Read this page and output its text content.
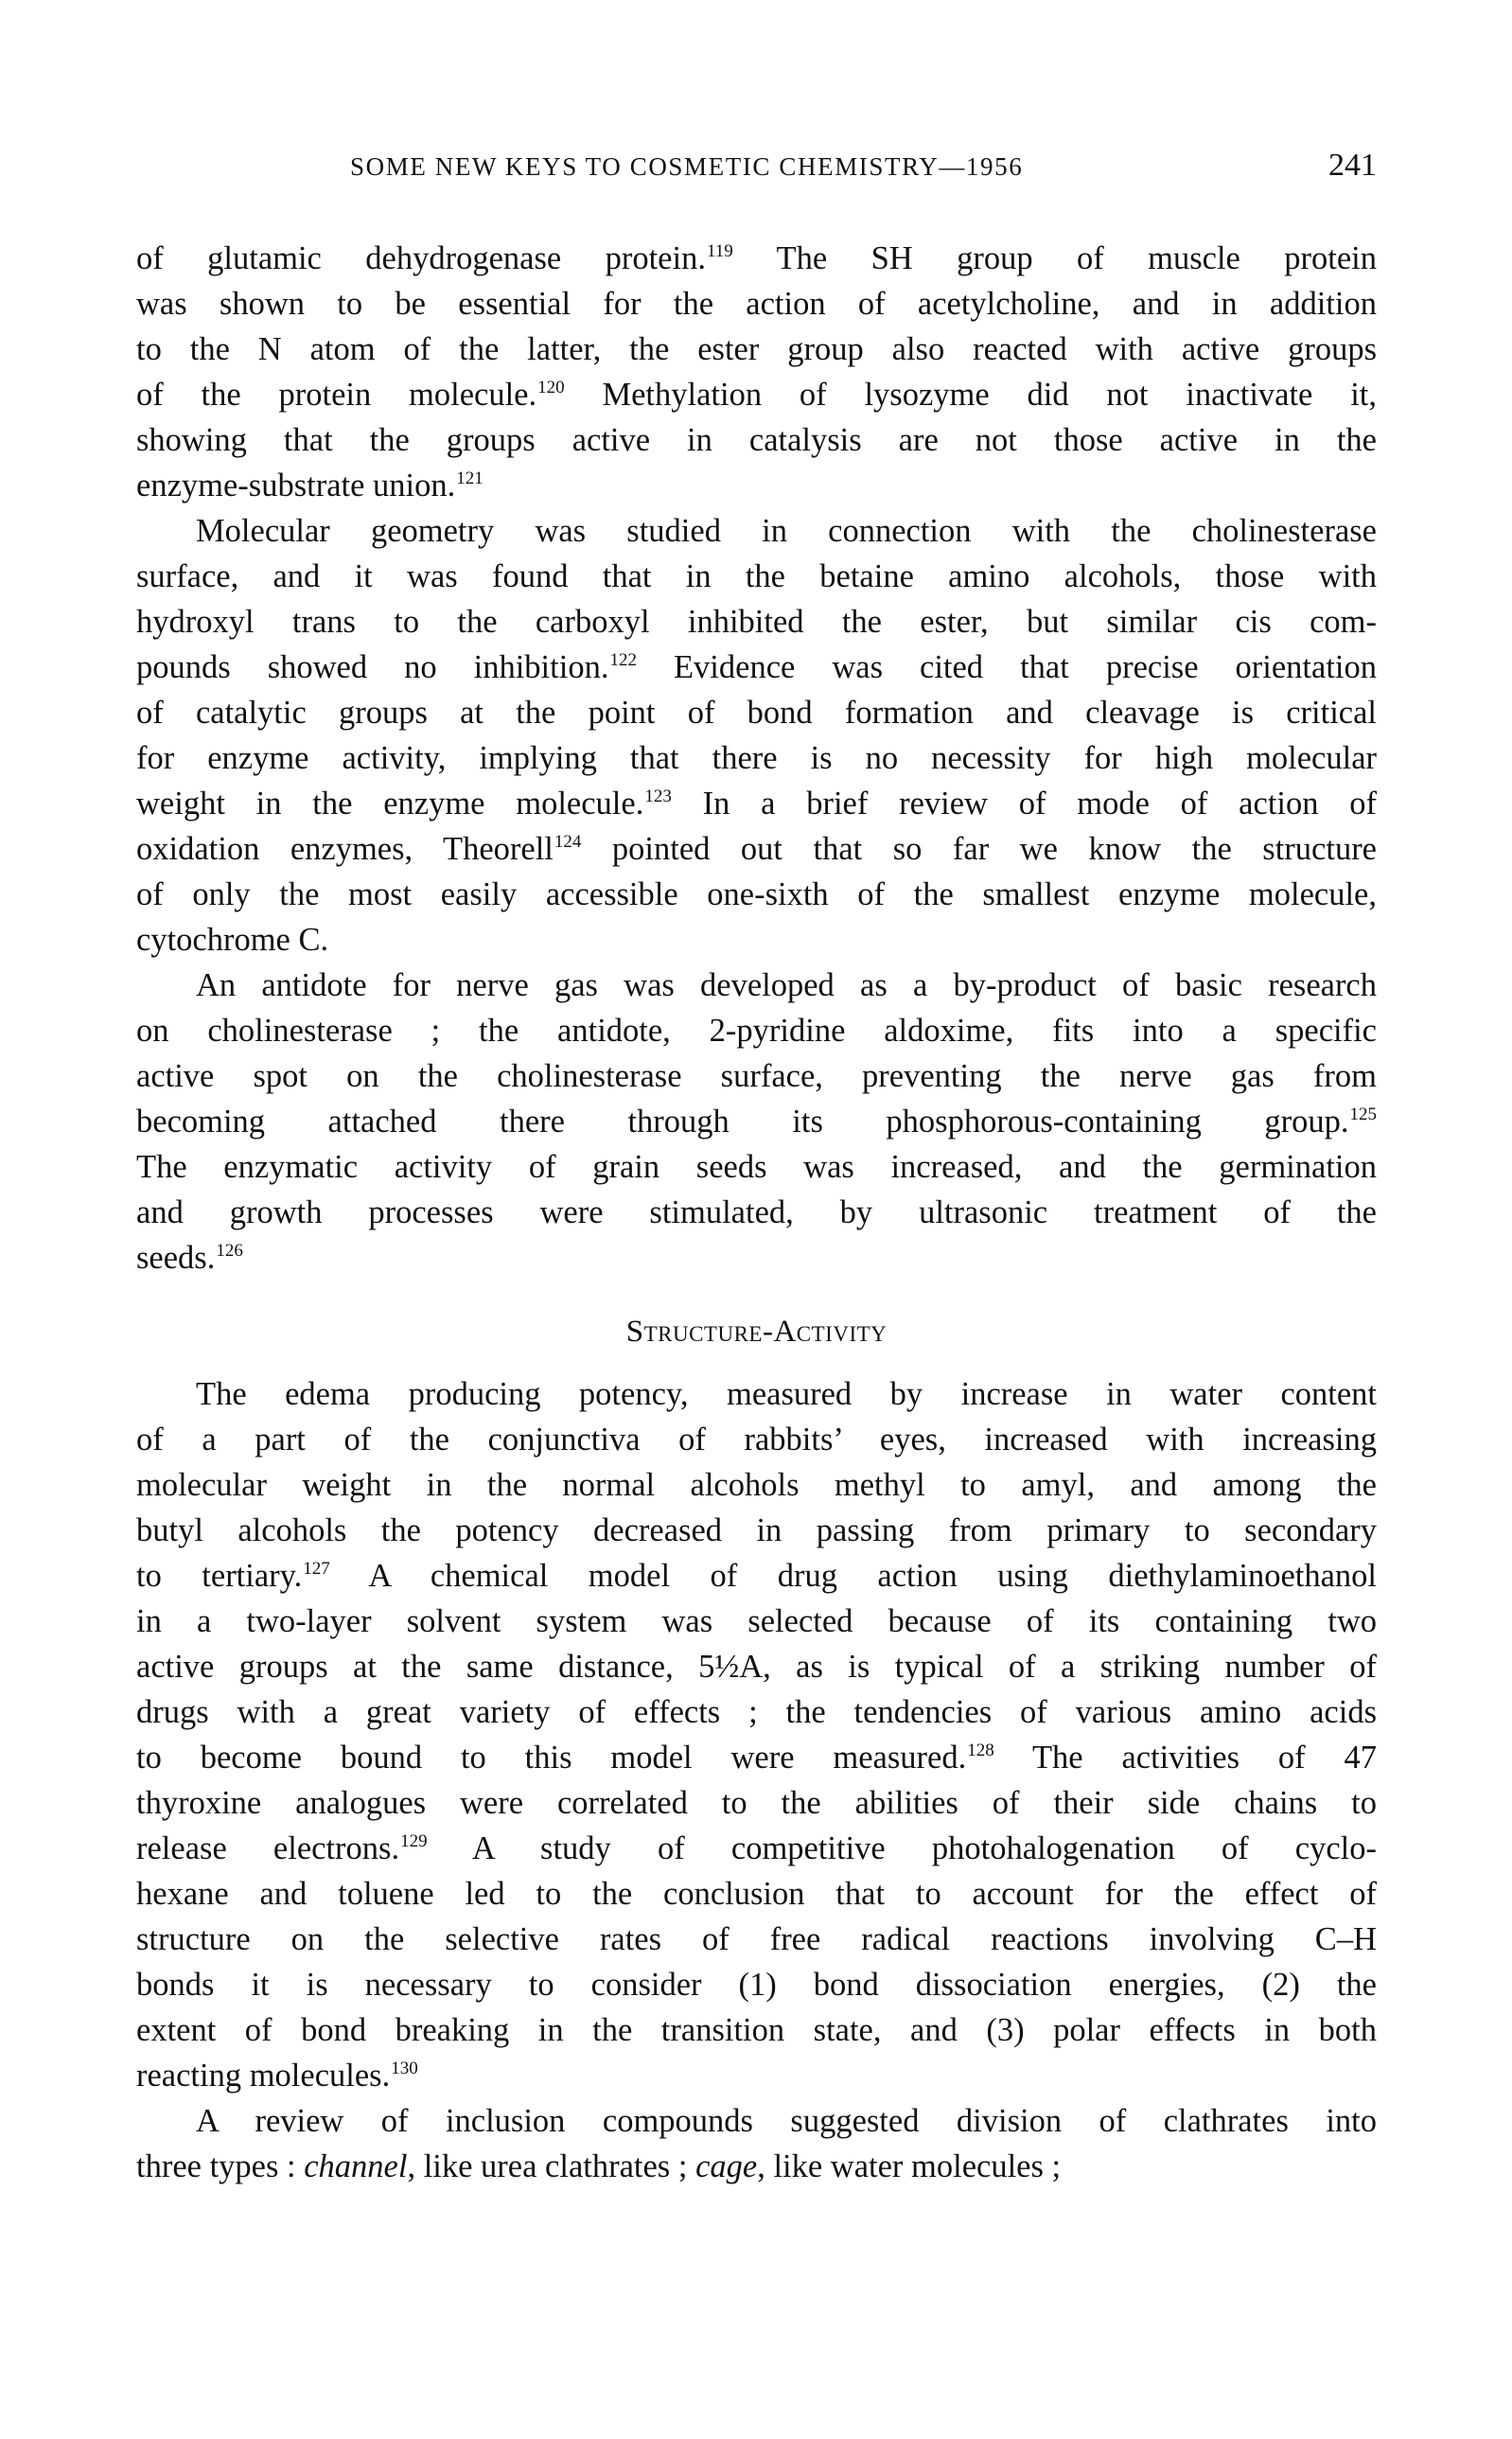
SOME NEW KEYS TO COSMETIC CHEMISTRY—1956	241
of glutamic dehydrogenase protein.$^{119}$ The SH group of muscle protein
was shown to be essential for the action of acetylcholine, and in addition
to the N atom of the latter, the ester group also reacted with active groups
of the protein molecule.$^{120}$ Methylation of lysozyme did not inactivate it,
showing that the groups active in catalysis are not those active in the
enzyme-substrate union.$^{121}$
Molecular geometry was studied in connection with the cholinesterase
surface, and it was found that in the betaine amino alcohols, those with
hydroxyl trans to the carboxyl inhibited the ester, but similar cis com-
pounds showed no inhibition.$^{122}$ Evidence was cited that precise orientation
of catalytic groups at the point of bond formation and cleavage is critical
for enzyme activity, implying that there is no necessity for high molecular
weight in the enzyme molecule.$^{123}$ In a brief review of mode of action of
oxidation enzymes, Theorell$^{124}$ pointed out that so far we know the structure
of only the most easily accessible one-sixth of the smallest enzyme molecule,
cytochrome C.
An antidote for nerve gas was developed as a by-product of basic research
on cholinesterase ; the antidote, 2-pyridine aldoxime, fits into a specific
active spot on the cholinesterase surface, preventing the nerve gas from
becoming attached there through its phosphorous-containing group.$^{125}$
The enzymatic activity of grain seeds was increased, and the germination
and growth processes were stimulated, by ultrasonic treatment of the
seeds.$^{126}$
Structure-Activity
The edema producing potency, measured by increase in water content
of a part of the conjunctiva of rabbits’ eyes, increased with increasing
molecular weight in the normal alcohols methyl to amyl, and among the
butyl alcohols the potency decreased in passing from primary to secondary
to tertiary.$^{127}$ A chemical model of drug action using diethylaminoethanol
in a two-layer solvent system was selected because of its containing two
active groups at the same distance, 5½A, as is typical of a striking number of
drugs with a great variety of effects ; the tendencies of various amino acids
to become bound to this model were measured.$^{128}$ The activities of 47
thyroxine analogues were correlated to the abilities of their side chains to
release electrons.$^{129}$ A study of competitive photohalogenation of cyclo-
hexane and toluene led to the conclusion that to account for the effect of
structure on the selective rates of free radical reactions involving C–H
bonds it is necessary to consider (1) bond dissociation energies, (2) the
extent of bond breaking in the transition state, and (3) polar effects in both
reacting molecules.$^{130}$
A review of inclusion compounds suggested division of clathrates into
three types : channel, like urea clathrates ; cage, like water molecules ;
